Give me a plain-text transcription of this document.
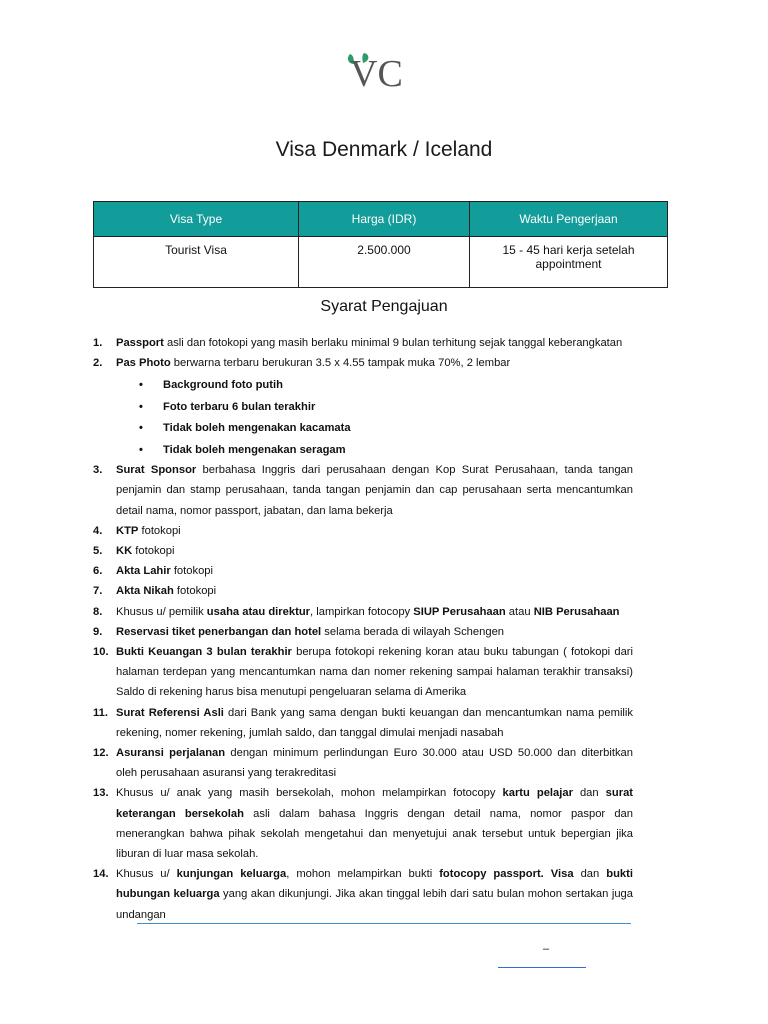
VC
Visa Denmark / Iceland
Visa Type	Harga (IDR)	Waktu Pengerjaan
Tourist Visa	2.500.000	15 - 45 hari kerja setelah appointment
Syarat Pengajuan
1. Passport asli dan fotokopi yang masih berlaku minimal 9 bulan terhitung sejak tanggal keberangkatan
2. Pas Photo berwarna terbaru berukuran 3.5 x 4.55 tampak muka 70%, 2 lembar
• Background foto putih
• Foto terbaru 6 bulan terakhir
• Tidak boleh mengenakan kacamata
• Tidak boleh mengenakan seragam
3. Surat Sponsor berbahasa Inggris dari perusahaan dengan Kop Surat Perusahaan, tanda tangan penjamin dan stamp perusahaan, tanda tangan penjamin dan cap perusahaan serta mencantumkan detail nama, nomor passport, jabatan, dan lama bekerja
4. KTP fotokopi
5. KK fotokopi
6. Akta Lahir fotokopi
7. Akta Nikah fotokopi
8. Khusus u/ pemilik usaha atau direktur, lampirkan fotocopy SIUP Perusahaan atau NIB Perusahaan
9. Reservasi tiket penerbangan dan hotel selama berada di wilayah Schengen
10. Bukti Keuangan 3 bulan terakhir berupa fotokopi rekening koran atau buku tabungan ( fotokopi dari halaman terdepan yang mencantumkan nama dan nomer rekening sampai halaman terakhir transaksi) Saldo di rekening harus bisa menutupi pengeluaran selama di Amerika
11. Surat Referensi Asli dari Bank yang sama dengan bukti keuangan dan mencantumkan nama pemilik rekening, nomer rekening, jumlah saldo, dan tanggal dimulai menjadi nasabah
12. Asuransi perjalanan dengan minimum perlindungan Euro 30.000 atau USD 50.000 dan diterbitkan oleh perusahaan asuransi yang terakreditasi
13. Khusus u/ anak yang masih bersekolah, mohon melampirkan fotocopy kartu pelajar dan surat keterangan bersekolah asli dalam bahasa Inggris dengan detail nama, nomor paspor dan menerangkan bahwa pihak sekolah mengetahui dan menyetujui anak tersebut untuk bepergian jika liburan di luar masa sekolah.
14. Khusus u/ kunjungan keluarga, mohon melampirkan bukti fotocopy passport. Visa dan bukti hubungan keluarga yang akan dikunjungi. Jika akan tinggal lebih dari satu bulan mohon sertakan juga undangan
–
